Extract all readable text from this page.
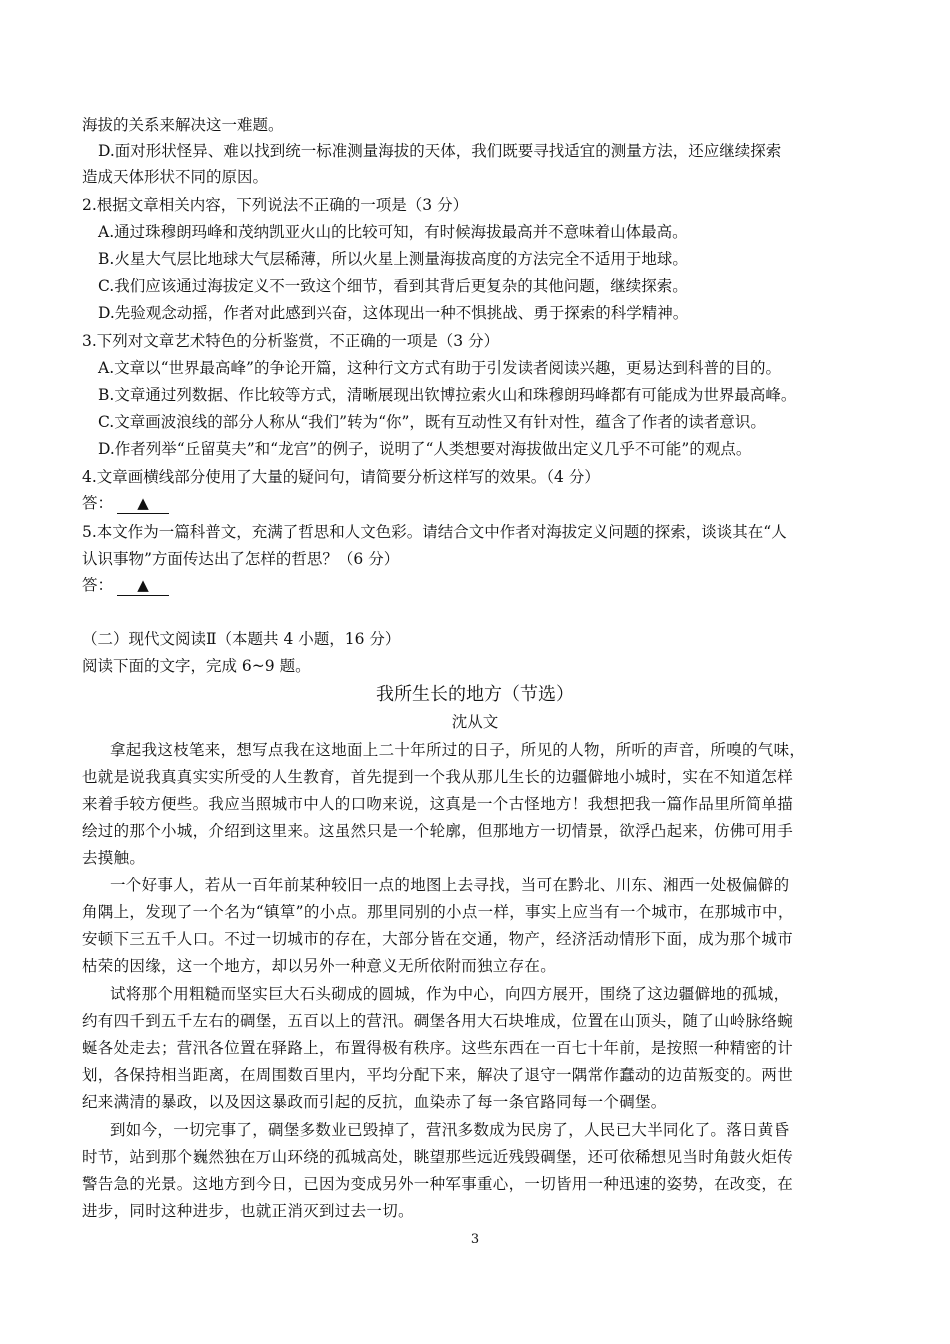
海拔的关系来解决这一难题。
D.面对形状怪异、难以找到统一标准测量海拔的天体，我们既要寻找适宜的测量方法，还应继续探索
造成天体形状不同的原因。
2.根据文章相关内容，下列说法不正确的一项是（3 分）
A.通过珠穆朗玛峰和茂纳凯亚火山的比较可知，有时候海拔最高并不意味着山体最高。
B.火星大气层比地球大气层稀薄，所以火星上测量海拔高度的方法完全不适用于地球。
C.我们应该通过海拔定义不一致这个细节，看到其背后更复杂的其他问题，继续探索。
D.先验观念动摇，作者对此感到兴奋，这体现出一种不惧挑战、勇于探索的科学精神。
3.下列对文章艺术特色的分析鉴赏，不正确的一项是（3 分）
A.文章以“世界最高峰”的争论开篇，这种行文方式有助于引发读者阅读兴趣，更易达到科普的目的。
B.文章通过列数据、作比较等方式，清晰展现出钦博拉索火山和珠穆朗玛峰都有可能成为世界最高峰。
C.文章画波浪线的部分人称从“我们”转为“你”，既有互动性又有针对性，蕴含了作者的读者意识。
D.作者列举“丘留莫夫”和“龙宫”的例子，说明了“人类想要对海拔做出定义几乎不可能”的观点。
4.文章画横线部分使用了大量的疑问句，请简要分析这样写的效果。（4 分）
答： ▲
5.本文作为一篇科普文，充满了哲思和人文色彩。请结合文中作者对海拔定义问题的探索，谈谈其在“人
认识事物”方面传达出了怎样的哲思？（6 分）
答： ▲
（二）现代文阅读Ⅱ（本题共 4 小题，16 分）
阅读下面的文字，完成 6~9 题。
我所生长的地方（节选）
沈从文
拿起我这枝笔来，想写点我在这地面上二十年所过的日子，所见的人物，所听的声音，所嗅的气味，
也就是说我真真实实所受的人生教育，首先提到一个我从那儿生长的边疆僻地小城时，实在不知道怎样
来着手较方便些。我应当照城市中人的口吻来说，这真是一个古怪地方！我想把我一篇作品里所简单描
绘过的那个小城，介绍到这里来。这虽然只是一个轮廓，但那地方一切情景，欲浮凸起来，仿佛可用手
去摸触。
一个好事人，若从一百年前某种较旧一点的地图上去寻找，当可在黔北、川东、湘西一处极偏僻的
角隅上，发现了一个名为“镇筸”的小点。那里同别的小点一样，事实上应当有一个城市，在那城市中，
安顿下三五千人口。不过一切城市的存在，大部分皆在交通，物产，经济活动情形下面，成为那个城市
枯荣的因缘，这一个地方，却以另外一种意义无所依附而独立存在。
试将那个用粗糙而坚实巨大石头砌成的圆城，作为中心，向四方展开，围绕了这边疆僻地的孤城，
约有四千到五千左右的碉堡，五百以上的营汛。碉堡各用大石块堆成，位置在山顶头，随了山岭脉络蜿
蜒各处走去；营汛各位置在驿路上，布置得极有秩序。这些东西在一百七十年前，是按照一种精密的计
划，各保持相当距离，在周围数百里内，平均分配下来，解决了退守一隅常作蠢动的边苗叛变的。两世
纪来满清的暴政，以及因这暴政而引起的反抗，血染赤了每一条官路同每一个碉堡。
到如今，一切完事了，碉堡多数业已毁掉了，营汛多数成为民房了，人民已大半同化了。落日黄昏
时节，站到那个巍然独在万山环绕的孤城高处，眺望那些远近残毁碉堡，还可依稀想见当时角鼓火炬传
警告急的光景。这地方到今日，已因为变成另外一种军事重心，一切皆用一种迅速的姿势，在改变，在
进步，同时这种进步，也就正消灭到过去一切。
3
